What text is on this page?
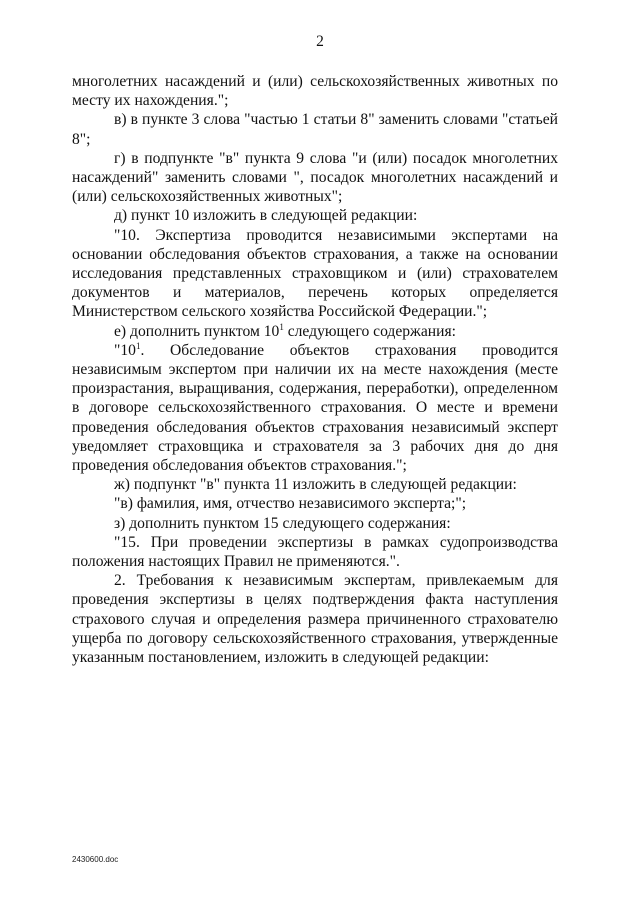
2

многолетних насаждений и (или) сельскохозяйственных животных по месту их нахождения.";

в) в пункте 3 слова "частью 1 статьи 8" заменить словами "статьей 8";

г) в подпункте "в" пункта 9 слова "и (или) посадок многолетних насаждений" заменить словами ", посадок многолетних насаждений и (или) сельскохозяйственных животных";

д) пункт 10 изложить в следующей редакции:

"10. Экспертиза проводится независимыми экспертами на основании обследования объектов страхования, а также на основании исследования представленных страховщиком и (или) страхователем документов и материалов, перечень которых определяется Министерством сельского хозяйства Российской Федерации.";

е) дополнить пунктом $10^1$ следующего содержания:

"$10^1$. Обследование объектов страхования проводится независимым экспертом при наличии их на месте нахождения (месте произрастания, выращивания, содержания, переработки), определенном в договоре сельскохозяйственного страхования. О месте и времени проведения обследования объектов страхования независимый эксперт уведомляет страховщика и страхователя за 3 рабочих дня до дня проведения обследования объектов страхования.";

ж) подпункт "в" пункта 11 изложить в следующей редакции:

"в) фамилия, имя, отчество независимого эксперта;";

з) дополнить пунктом 15 следующего содержания:

"15. При проведении экспертизы в рамках судопроизводства положения настоящих Правил не применяются.".

2. Требования к независимым экспертам, привлекаемым для проведения экспертизы в целях подтверждения факта наступления страхового случая и определения размера причиненного страхователю ущерба по договору сельскохозяйственного страхования, утвержденные указанным постановлением, изложить в следующей редакции:

2430600.doc
